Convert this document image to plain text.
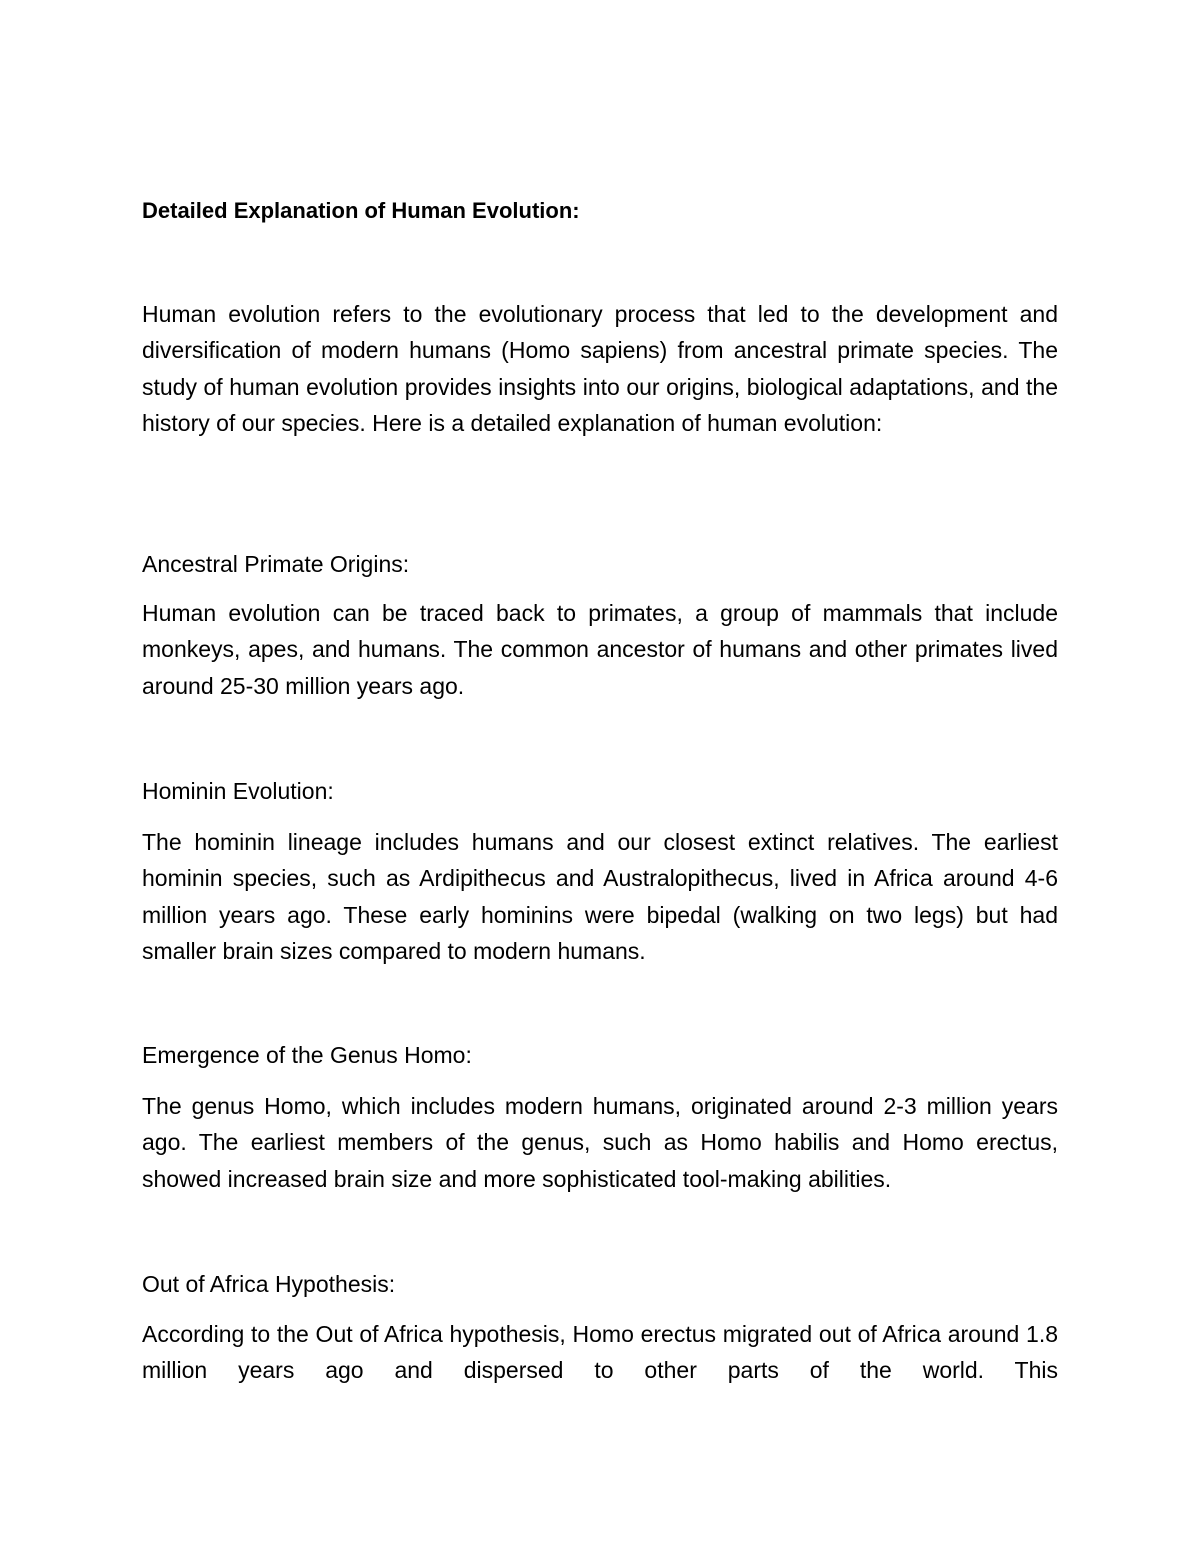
Detailed Explanation of Human Evolution:

Human evolution refers to the evolutionary process that led to the development and diversification of modern humans (Homo sapiens) from ancestral primate species. The study of human evolution provides insights into our origins, biological adaptations, and the history of our species. Here is a detailed explanation of human evolution:

Ancestral Primate Origins:

Human evolution can be traced back to primates, a group of mammals that include monkeys, apes, and humans. The common ancestor of humans and other primates lived around 25-30 million years ago.

Hominin Evolution:

The hominin lineage includes humans and our closest extinct relatives. The earliest hominin species, such as Ardipithecus and Australopithecus, lived in Africa around 4-6 million years ago. These early hominins were bipedal (walking on two legs) but had smaller brain sizes compared to modern humans.

Emergence of the Genus Homo:

The genus Homo, which includes modern humans, originated around 2-3 million years ago. The earliest members of the genus, such as Homo habilis and Homo erectus, showed increased brain size and more sophisticated tool-making abilities.

Out of Africa Hypothesis:

According to the Out of Africa hypothesis, Homo erectus migrated out of Africa around 1.8 million years ago and dispersed to other parts of the world. This
